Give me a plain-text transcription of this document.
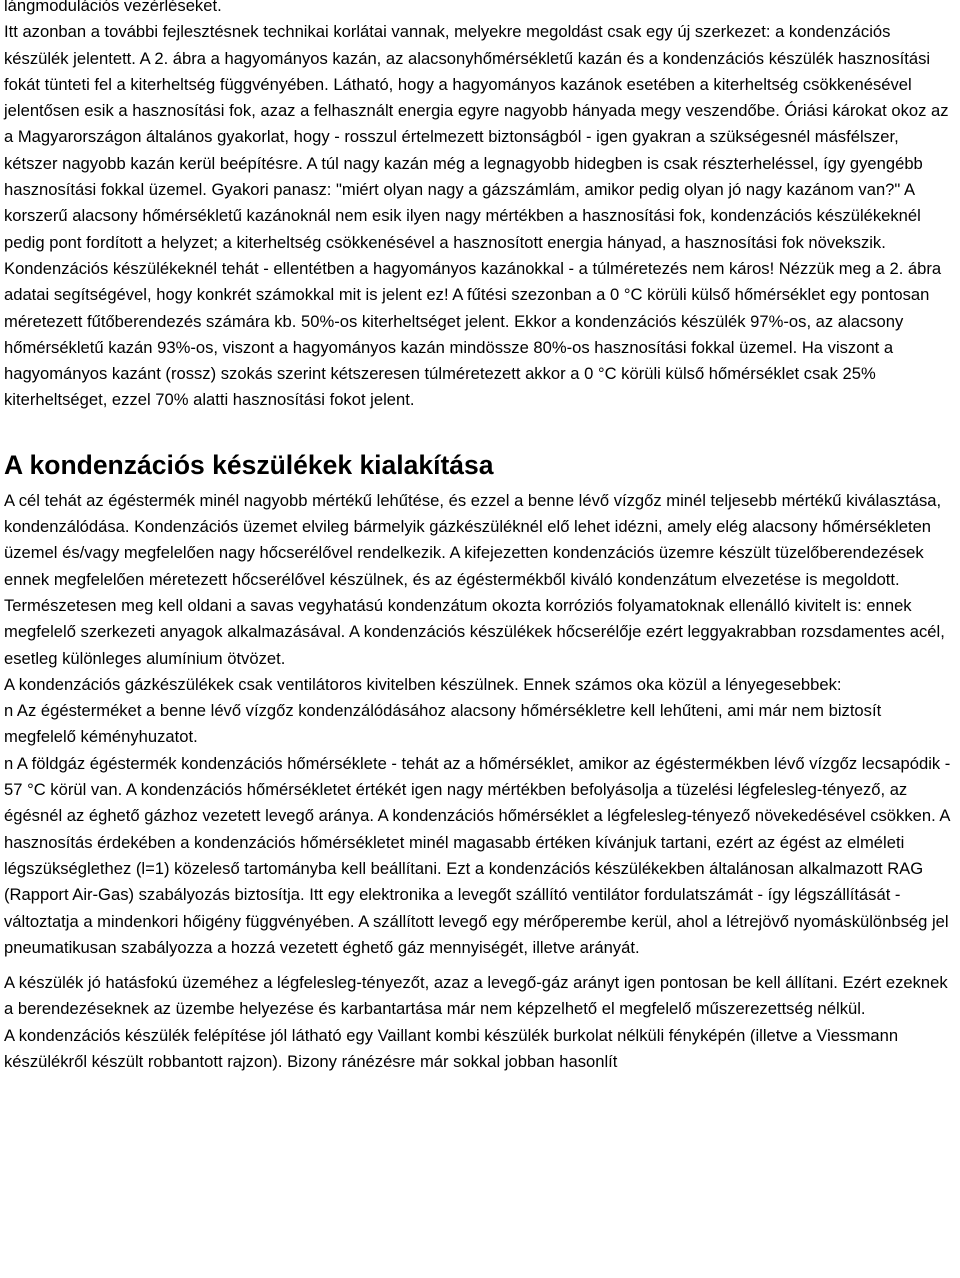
lángmodulációs vezérléseket.

Itt azonban a további fejlesztésnek technikai korlátai vannak, melyekre megoldást csak egy új szerkezet: a kondenzációs készülék jelentett. A 2. ábra a hagyományos kazán, az alacsonyhőmérsékletű kazán és a kondenzációs készülék hasznosítási fokát tünteti fel a kiterheltség függvényében. Látható, hogy a hagyományos kazánok esetében a kiterheltség csökkenésével jelentősen esik a hasznosítási fok, azaz a felhasznált energia egyre nagyobb hányada megy veszendőbe. Óriási károkat okoz az a Magyarországon általános gyakorlat, hogy - rosszul értelmezett biztonságból - igen gyakran a szükségesnél másfélszer, kétszer nagyobb kazán kerül beépítésre. A túl nagy kazán még a legnagyobb hidegben is csak részterheléssel, így gyengébb hasznosítási fokkal üzemel. Gyakori panasz: "miért olyan nagy a gázszámlám, amikor pedig olyan jó nagy kazánom van?" A korszerű alacsony hőmérsékletű kazánoknál nem esik ilyen nagy mértékben a hasznosítási fok, kondenzációs készülékeknél pedig pont fordított a helyzet; a kiterheltség csökkenésével a hasznosított energia hányad, a hasznosítási fok növekszik.

Kondenzációs készülékeknél tehát - ellentétben a hagyományos kazánokkal - a túlméretezés nem káros! Nézzük meg a 2. ábra adatai segítségével, hogy konkrét számokkal mit is jelent ez! A fűtési szezonban a 0 °C körüli külső hőmérséklet egy pontosan méretezett fűtőberendezés számára kb. 50%-os kiterheltséget jelent. Ekkor a kondenzációs készülék 97%-os, az alacsony hőmérsékletű kazán 93%-os, viszont a hagyományos kazán mindössze 80%-os hasznosítási fokkal üzemel. Ha viszont a hagyományos kazánt (rossz) szokás szerint kétszeresen túlméretezett akkor a 0 °C körüli külső hőmérséklet csak 25% kiterheltséget, ezzel 70% alatti hasznosítási fokot jelent.

A kondenzációs készülékek kialakítása

A cél tehát az égéstermék minél nagyobb mértékű lehűtése, és ezzel a benne lévő vízgőz minél teljesebb mértékű kiválasztása, kondenzálódása. Kondenzációs üzemet elvileg bármelyik gázkészüléknél elő lehet idézni, amely elég alacsony hőmérsékleten üzemel és/vagy megfelelően nagy hőcserélővel rendelkezik. A kifejezetten kondenzációs üzemre készült tüzelőberendezések ennek megfelelően méretezett hőcserélővel készülnek, és az égéstermékből kiváló kondenzátum elvezetése is megoldott. Természetesen meg kell oldani a savas vegyhatású kondenzátum okozta korróziós folyamatoknak ellenálló kivitelt is: ennek megfelelő szerkezeti anyagok alkalmazásával. A kondenzációs készülékek hőcserélője ezért leggyakrabban rozsdamentes acél, esetleg különleges alumínium ötvözet.

A kondenzációs gázkészülékek csak ventilátoros kivitelben készülnek. Ennek számos oka közül a lényegesebbek:

n Az égésterméket a benne lévő vízgőz kondenzálódásához alacsony hőmérsékletre kell lehűteni, ami már nem biztosít megfelelő kéményhuzatot.

n A földgáz égéstermék kondenzációs hőmérséklete - tehát az a hőmérséklet, amikor az égéstermékben lévő vízgőz lecsapódik - 57 °C körül van. A kondenzációs hőmérsékletet értékét igen nagy mértékben befolyásolja a tüzelési légfelesleg-tényező, az égésnél az éghető gázhoz vezetett levegő aránya. A kondenzációs hőmérséklet a légfelesleg-tényező növekedésével csökken. A hasznosítás érdekében a kondenzációs hőmérsékletet minél magasabb értéken kívánjuk tartani, ezért az égést az elméleti légszükséglethez (l=1) közeleső tartományba kell beállítani. Ezt a kondenzációs készülékekben általánosan alkalmazott RAG (Rapport Air-Gas) szabályozás biztosítja. Itt egy elektronika a levegőt szállító ventilátor fordulatszámát - így légszállítását - változtatja a mindenkori hőigény függvényében. A szállított levegő egy mérőperembe kerül, ahol a létrejövő nyomáskülönbség jel pneumatikusan szabályozza a hozzá vezetett éghető gáz mennyiségét, illetve arányát.

A készülék jó hatásfokú üzeméhez a légfelesleg-tényezőt, azaz a levegő-gáz arányt igen pontosan be kell állítani. Ezért ezeknek a berendezéseknek az üzembe helyezése és karbantartása már nem képzelhető el megfelelő műszerezettség nélkül.

A kondenzációs készülék felépítése jól látható egy Vaillant kombi készülék burkolat nélküli fényképén (illetve a Viessmann készülékről készült robbantott rajzon). Bizony ránézésre már sokkal jobban hasonlít
